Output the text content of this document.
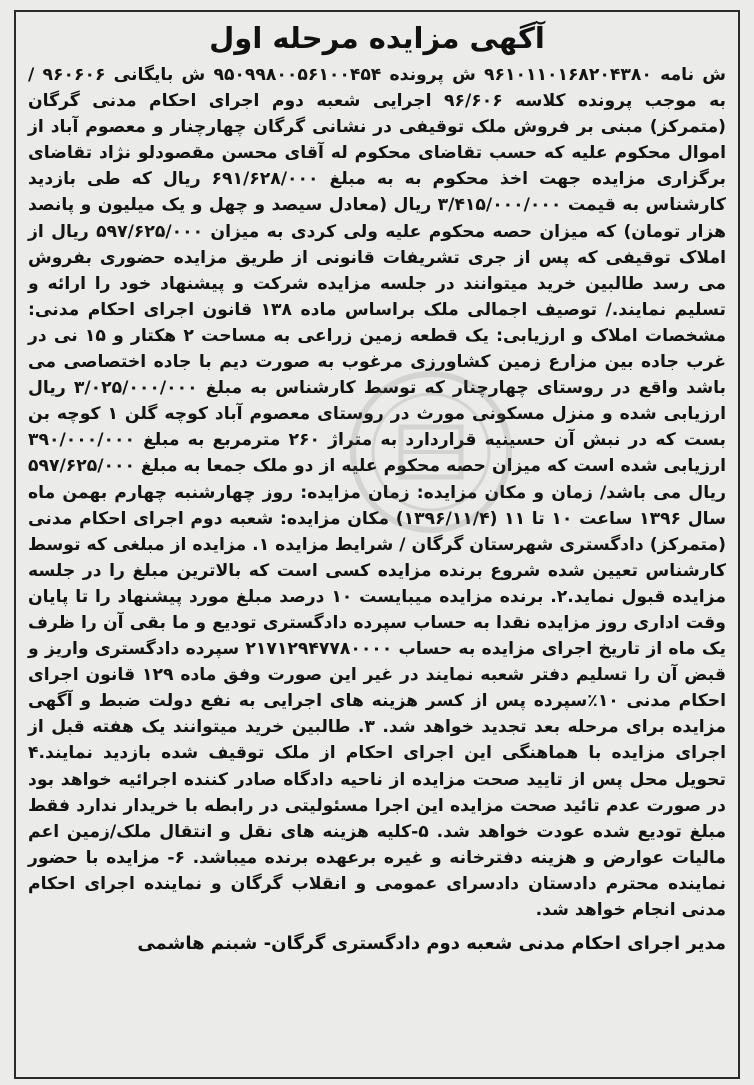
آگهی مزایده مرحله اول

ش نامه ۹۶۱۰۱۱۰۱۶۸۲۰۴۳۸۰ ش پرونده ۹۵۰۹۹۸۰۰۵۶۱۰۰۴۵۴ ش بایگانی ۹۶۰۶۰۶ / به موجب پرونده کلاسه ۹۶/۶۰۶ اجرایی شعبه دوم اجرای احکام مدنی گرگان (متمرکز) مبنی بر فروش ملک توقیفی در نشانی گرگان چهارچنار و معصوم آباد از اموال محکوم علیه که حسب تقاضای محکوم له آقای محسن مقصودلو نژاد تقاضای برگزاری مزایده جهت اخذ محکوم به به مبلغ ۶۹۱/۶۲۸/۰۰۰ ریال که طی بازدید کارشناس به قیمت ۳/۴۱۵/۰۰۰/۰۰۰ ریال (معادل سیصد و چهل و یک میلیون و پانصد هزار تومان) که میزان حصه محکوم علیه ولی کردی به میزان ۵۹۷/۶۲۵/۰۰۰ ریال از املاک توقیفی که پس از جری تشریفات قانونی از طریق مزایده حضوری بفروش می رسد طالبین خرید میتوانند در جلسه مزایده شرکت و پیشنهاد خود را ارائه و تسلیم نمایند./ توصیف اجمالی ملک براساس ماده ۱۳۸ قانون اجرای احکام مدنی: مشخصات املاک و ارزیابی: یک قطعه زمین زراعی به مساحت ۲ هکتار و ۱۵ نی در غرب جاده بین مزارع زمین کشاورزی مرغوب به صورت دیم با جاده اختصاصی می باشد واقع در روستای چهارچنار که توسط کارشناس به مبلغ ۳/۰۲۵/۰۰۰/۰۰۰ ریال ارزیابی شده و منزل مسکونی مورث در روستای معصوم آباد کوچه گلن ۱ کوچه بن بست که در نبش آن حسینیه قراردارد به متراژ ۲۶۰ مترمربع به مبلغ ۳۹۰/۰۰۰/۰۰۰ ارزیابی شده است که میزان حصه محکوم علیه از دو ملک جمعا به مبلغ ۵۹۷/۶۲۵/۰۰۰ ریال می باشد/ زمان و مکان مزایده: زمان مزایده: روز چهارشنبه چهارم بهمن ماه سال ۱۳۹۶ ساعت ۱۰ تا ۱۱ (۱۳۹۶/۱۱/۴) مکان مزایده: شعبه دوم اجرای احکام مدنی (متمرکز) دادگستری شهرستان گرگان / شرایط مزایده ۱. مزایده از مبلغی که توسط کارشناس تعیین شده شروع برنده مزایده کسی است که بالاترین مبلغ را در جلسه مزایده قبول نماید.۲. برنده مزایده میبایست ۱۰ درصد مبلغ مورد پیشنهاد را تا پایان وقت اداری روز مزایده نقدا به حساب سپرده دادگستری تودیع و ما بقی آن را ظرف یک ماه از تاریخ اجرای مزایده به حساب ۲۱۷۱۲۹۴۷۷۸۰۰۰۰ سپرده دادگستری واریز و قبض آن را تسلیم دفتر شعبه نمایند در غیر این صورت وفق ماده ۱۲۹ قانون اجرای احکام مدنی ۱۰٪سپرده پس از کسر هزینه های اجرایی به نفع دولت ضبط و آگهی مزایده برای مرحله بعد تجدید خواهد شد. ۳. طالبین خرید میتوانند یک هفته قبل از اجرای مزایده با هماهنگی این اجرای احکام از ملک توقیف شده بازدید نمایند.۴ تحویل محل پس از تایید صحت مزایده از ناحیه دادگاه صادر کننده اجرائیه خواهد بود در صورت عدم تائید صحت مزایده این اجرا مسئولیتی در رابطه با خریدار ندارد فقط مبلغ تودیع شده عودت خواهد شد. ۵-کلیه هزینه های نقل و انتقال ملک/زمین اعم مالیات عوارض و هزینه دفترخانه و غیره برعهده برنده میباشد. ۶- مزایده با حضور نماینده محترم دادستان دادسرای عمومی و انقلاب گرگان و نماینده اجرای احکام مدنی انجام خواهد شد.

مدیر اجرای احکام مدنی شعبه دوم دادگستری گرگان- شبنم هاشمی
